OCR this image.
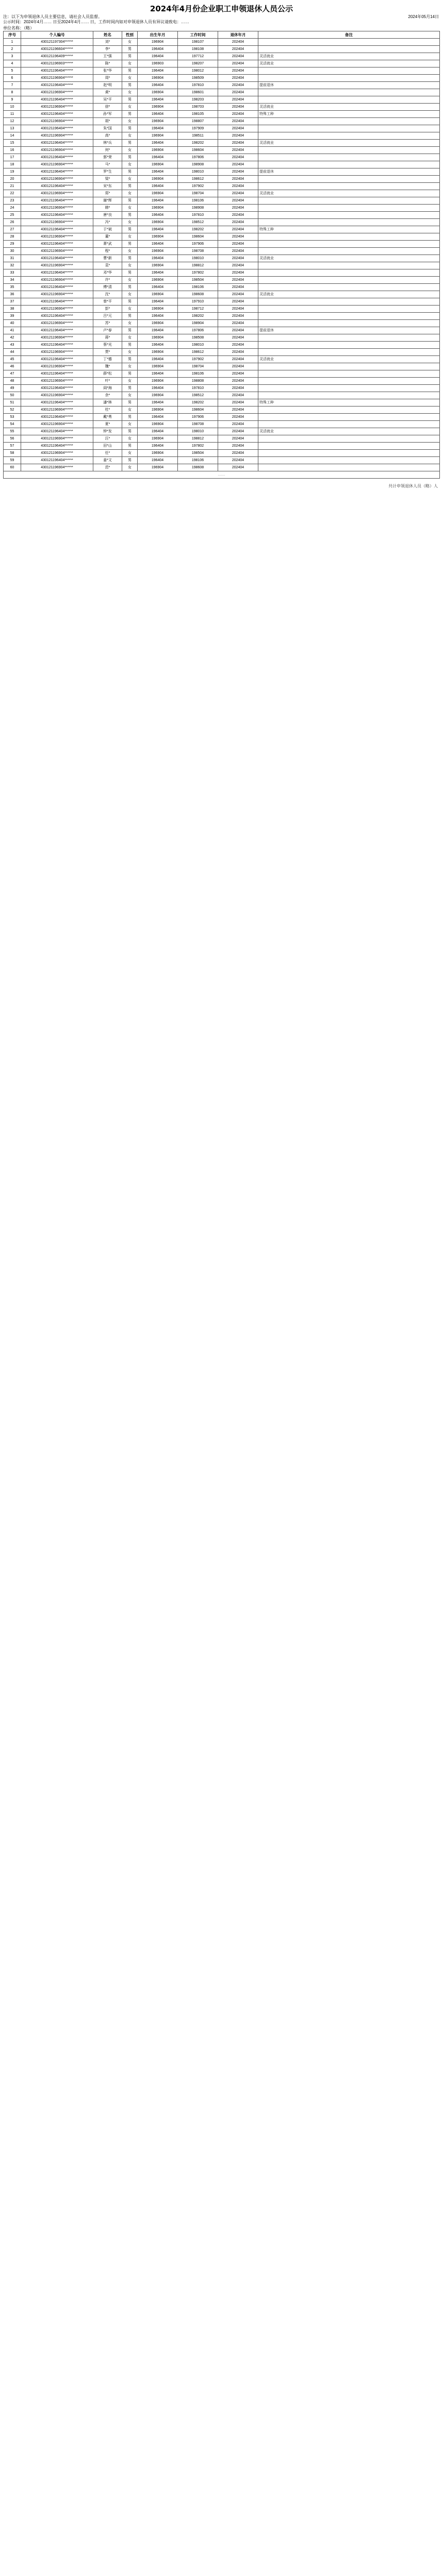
2024年4月份企业职工申领退休人员公示
注：以下为申领退休人员主要信息，请社会人员监督。
公示时间：2024年4月…… 日至2024年4月…… 日，工作时间内如对申领退休人员有异议请致电：……
2024年05月14日
单位名称：（略）
序号	个人编号	姓名	性别	出生年月	工作时间	退休年月	备注
1	430121197304******	刘*	女	196904	198107	202404	
2	430121196604******	李*	男	196404	198108	202404	
3	430121196409******	王*强	男	196404	197712	202404	灵活就业
4	430121196903******	陈*	女	196903	198207	202404	灵活就业
5	430121196404******	张*华	男	196404	198012	202404	
6	430121196904******	周*	女	196904	198509	202404	
7	430121196404******	赵*明	男	196404	197810	202404	提前退休
8	430121196904******	黄*	女	196904	198601	202404	
9	430121196404******	吴*平	男	196404	198203	202404	
10	430121196904******	徐*	女	196904	198703	202404	灵活就业
11	430121196404******	孙*军	男	196404	198105	202404	特殊工种
12	430121196904******	胡*	女	196904	198807	202404	
13	430121196404******	朱*国	男	196404	197909	202404	
14	430121196904******	高*	女	196904	198511	202404	
15	430121196404******	林*兵	男	196404	198202	202404	灵活就业
16	430121196904******	何*	女	196904	198604	202404	
17	430121196404******	郭*荣	男	196404	197806	202404	
18	430121196904******	马*	女	196904	198908	202404	
19	430121196404******	罗*生	男	196404	198010	202404	提前退休
20	430121196904******	梁*	女	196904	198612	202404	
21	430121196404******	宋*东	男	196404	197902	202404	
22	430121196904******	郑*	女	196904	198704	202404	灵活就业
23	430121196404******	谢*辉	男	196404	198106	202404	
24	430121196904******	韩*	女	196904	198908	202404	
25	430121196404******	唐*良	男	196404	197810	202404	
26	430121196904******	冯*	女	196904	198512	202404	
27	430121196404******	于*斌	男	196404	198202	202404	特殊工种
28	430121196904******	董*	女	196904	198604	202404	
29	430121196404******	萧*武	男	196404	197906	202404	
30	430121196904******	程*	女	196904	198708	202404	
31	430121196404******	曹*新	男	196404	198010	202404	灵活就业
32	430121196904******	袁*	女	196904	198812	202404	
33	430121196404******	邓*华	男	196404	197802	202404	
34	430121196904******	许*	女	196904	198504	202404	
35	430121196404******	傅*清	男	196404	198106	202404	
36	430121196904******	沈*	女	196904	198608	202404	灵活就业
37	430121196404******	曾*平	男	196404	197910	202404	
38	430121196904******	彭*	女	196904	198712	202404	
39	430121196404******	吕*元	男	196404	198202	202404	
40	430121196904******	苏*	女	196904	198904	202404	
41	430121196404******	卢*春	男	196404	197806	202404	提前退休
42	430121196904******	蒋*	女	196904	198508	202404	
43	430121196404******	蔡*光	男	196404	198010	202404	
44	430121196904******	贾*	女	196904	198612	202404	
45	430121196404******	丁*德	男	196404	197902	202404	灵活就业
46	430121196904******	魏*	女	196904	198704	202404	
47	430121196404******	薛*松	男	196404	198106	202404	
48	430121196904******	叶*	女	196904	198808	202404	
49	430121196404******	阎*海	男	196404	197810	202404	
50	430121196904******	余*	女	196904	198512	202404	
51	430121196404******	潘*林	男	196404	198202	202404	特殊工种
52	430121196904******	杜*	女	196904	198604	202404	
53	430121196404******	戴*勇	男	196404	197906	202404	
54	430121196904******	夏*	女	196904	198708	202404	
55	430121196404******	钟*发	男	196404	198010	202404	灵活就业
56	430121196904******	汪*	女	196904	198812	202404	
57	430121196404******	田*山	男	196404	197802	202404	
58	430121196904******	任*	女	196904	198504	202404	
59	430121196404******	姜*文	男	196404	198106	202404	
60	430121196904******	范*	女	196904	198608	202404	
……							
共计申领退休人员（略）人
